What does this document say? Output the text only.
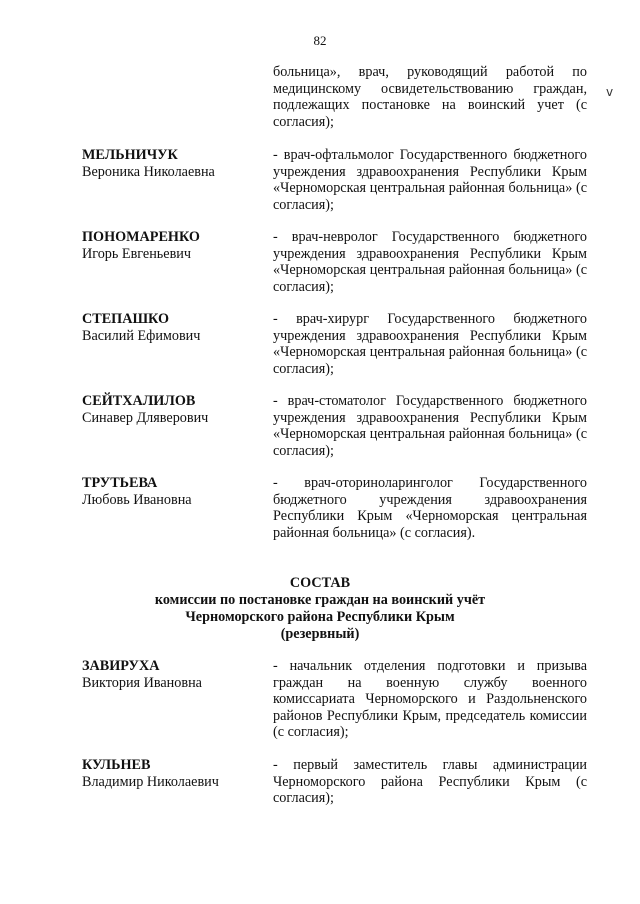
82
v
больница», врач, руководящий работой по медицинскому освидетельствованию граждан, подлежащих постановке на воинский учет (с согласия);
МЕЛЬНИЧУК
Вероника Николаевна
- врач-офтальмолог Государственного бюджетного учреждения здравоохранения Республики Крым «Черноморская центральная районная больница» (с согласия);
ПОНОМАРЕНКО
Игорь Евгеньевич
- врач-невролог Государственного бюджетного учреждения здравоохранения Республики Крым «Черноморская центральная районная больница» (с согласия);
СТЕПАШКО
Василий Ефимович
- врач-хирург Государственного бюджетного учреждения здравоохранения Республики Крым «Черноморская центральная районная больница» (с согласия);
СЕЙТХАЛИЛОВ
Синавер Дляверович
- врач-стоматолог Государственного бюджетного учреждения здравоохранения Республики Крым «Черноморская центральная районная больница» (с согласия);
ТРУТЬЕВА
Любовь Ивановна
- врач-оториноларинголог Государственного бюджетного учреждения здравоохранения Республики Крым «Черноморская центральная районная больница» (с согласия).
СОСТАВ
комиссии по постановке граждан на воинский учёт
Черноморского района Республики Крым
(резервный)
ЗАВИРУХА
Виктория Ивановна
- начальник отделения подготовки и призыва граждан на военную службу военного комиссариата Черноморского и Раздольненского районов Республики Крым, председатель комиссии (с согласия);
КУЛЬНЕВ
Владимир Николаевич
- первый заместитель главы администрации Черноморского района Республики Крым (с согласия);
